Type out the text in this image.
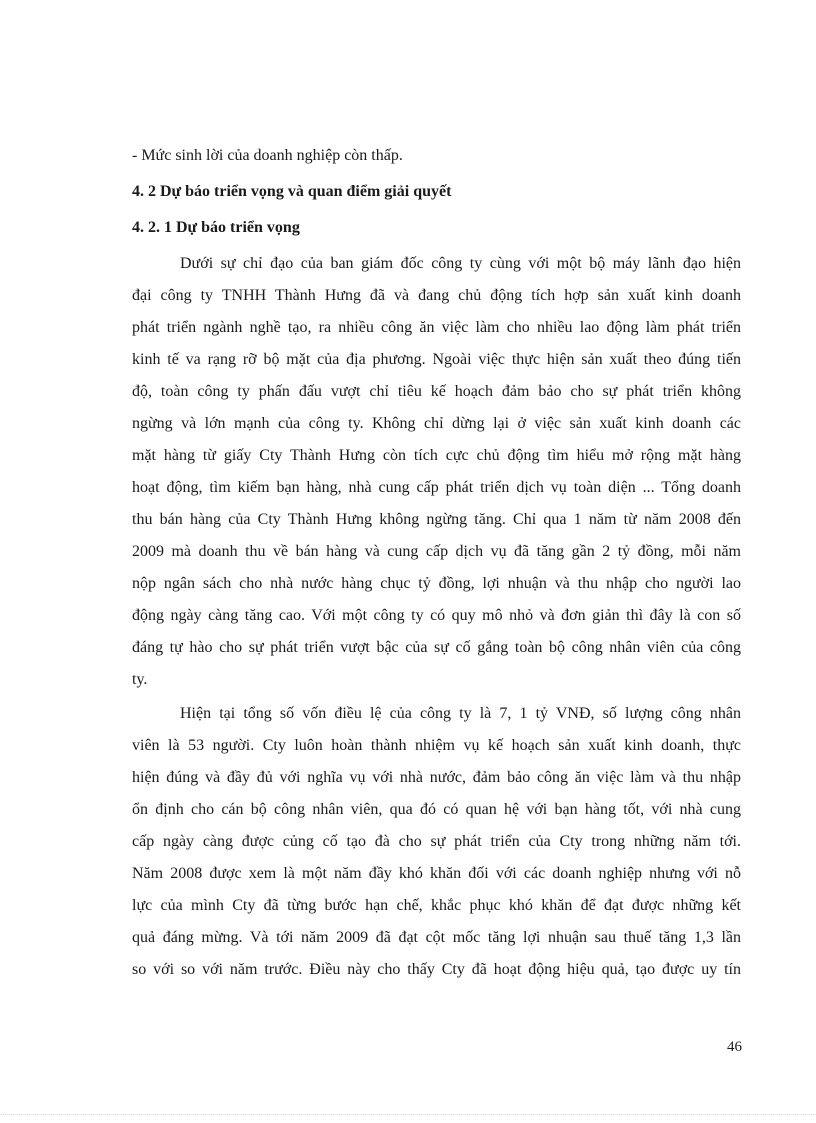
- Mức sinh lời của doanh nghiệp còn thấp.
4. 2 Dự báo triển vọng và quan điểm giải quyết
4. 2. 1 Dự báo triển vọng
Dưới sự chỉ đạo của ban giám đốc công ty cùng với một bộ máy lãnh đạo hiện
đại công ty TNHH Thành Hưng đã và đang chủ động tích hợp sản xuất kinh doanh
phát triển ngành nghề tạo, ra nhiều công ăn việc làm cho nhiều lao động làm phát triển
kinh tế va rạng rỡ bộ mặt của địa phương. Ngoài việc thực hiện sản xuất theo đúng tiến
độ, toàn công ty phấn đấu vượt chỉ tiêu kế hoạch đảm bảo cho sự phát triển không
ngừng và lớn mạnh của công ty. Không chỉ dừng lại ở việc sản xuất kinh doanh các
mặt hàng từ giấy Cty Thành Hưng còn tích cực chủ động tìm hiểu mở rộng mặt hàng
hoạt động, tìm kiếm bạn hàng, nhà cung cấp phát triển dịch vụ toàn diện ... Tổng doanh
thu bán hàng của Cty Thành Hưng không ngừng tăng. Chỉ qua 1 năm từ năm 2008 đến
2009 mà doanh thu về bán hàng và cung cấp dịch vụ đã tăng gần 2 tỷ đồng, mỗi năm
nộp ngân sách cho nhà nước hàng chục tỷ đồng, lợi nhuận và thu nhập cho người lao
động ngày càng tăng cao. Với một công ty có quy mô nhỏ và đơn giản thì đây là con số
đáng tự hào cho sự phát triển vượt bậc của sự cố gắng toàn bộ công nhân viên của công
ty.
Hiện tại tổng số vốn điều lệ của công ty là 7, 1 tỷ VNĐ, số lượng công nhân
viên là 53 người. Cty luôn hoàn thành nhiệm vụ kế hoạch sản xuất kinh doanh, thực
hiện đúng và đầy đủ với nghĩa vụ với nhà nước, đảm bảo công ăn việc làm và thu nhập
ổn định cho cán bộ công nhân viên, qua đó có quan hệ với bạn hàng tốt, với nhà cung
cấp ngày càng được củng cố tạo đà cho sự phát triển của Cty trong những năm tới.
Năm 2008 được xem là một năm đầy khó khăn đối với các doanh nghiệp nhưng với nỗ
lực của mình Cty đã từng bước hạn chế, khắc phục khó khăn để đạt được những kết
quả đáng mừng. Và tới năm 2009 đã đạt cột mốc tăng lợi nhuận sau thuế tăng 1,3 lần
so với so với năm trước. Điều này cho thấy Cty đã hoạt động hiệu quả, tạo được uy tín
46
